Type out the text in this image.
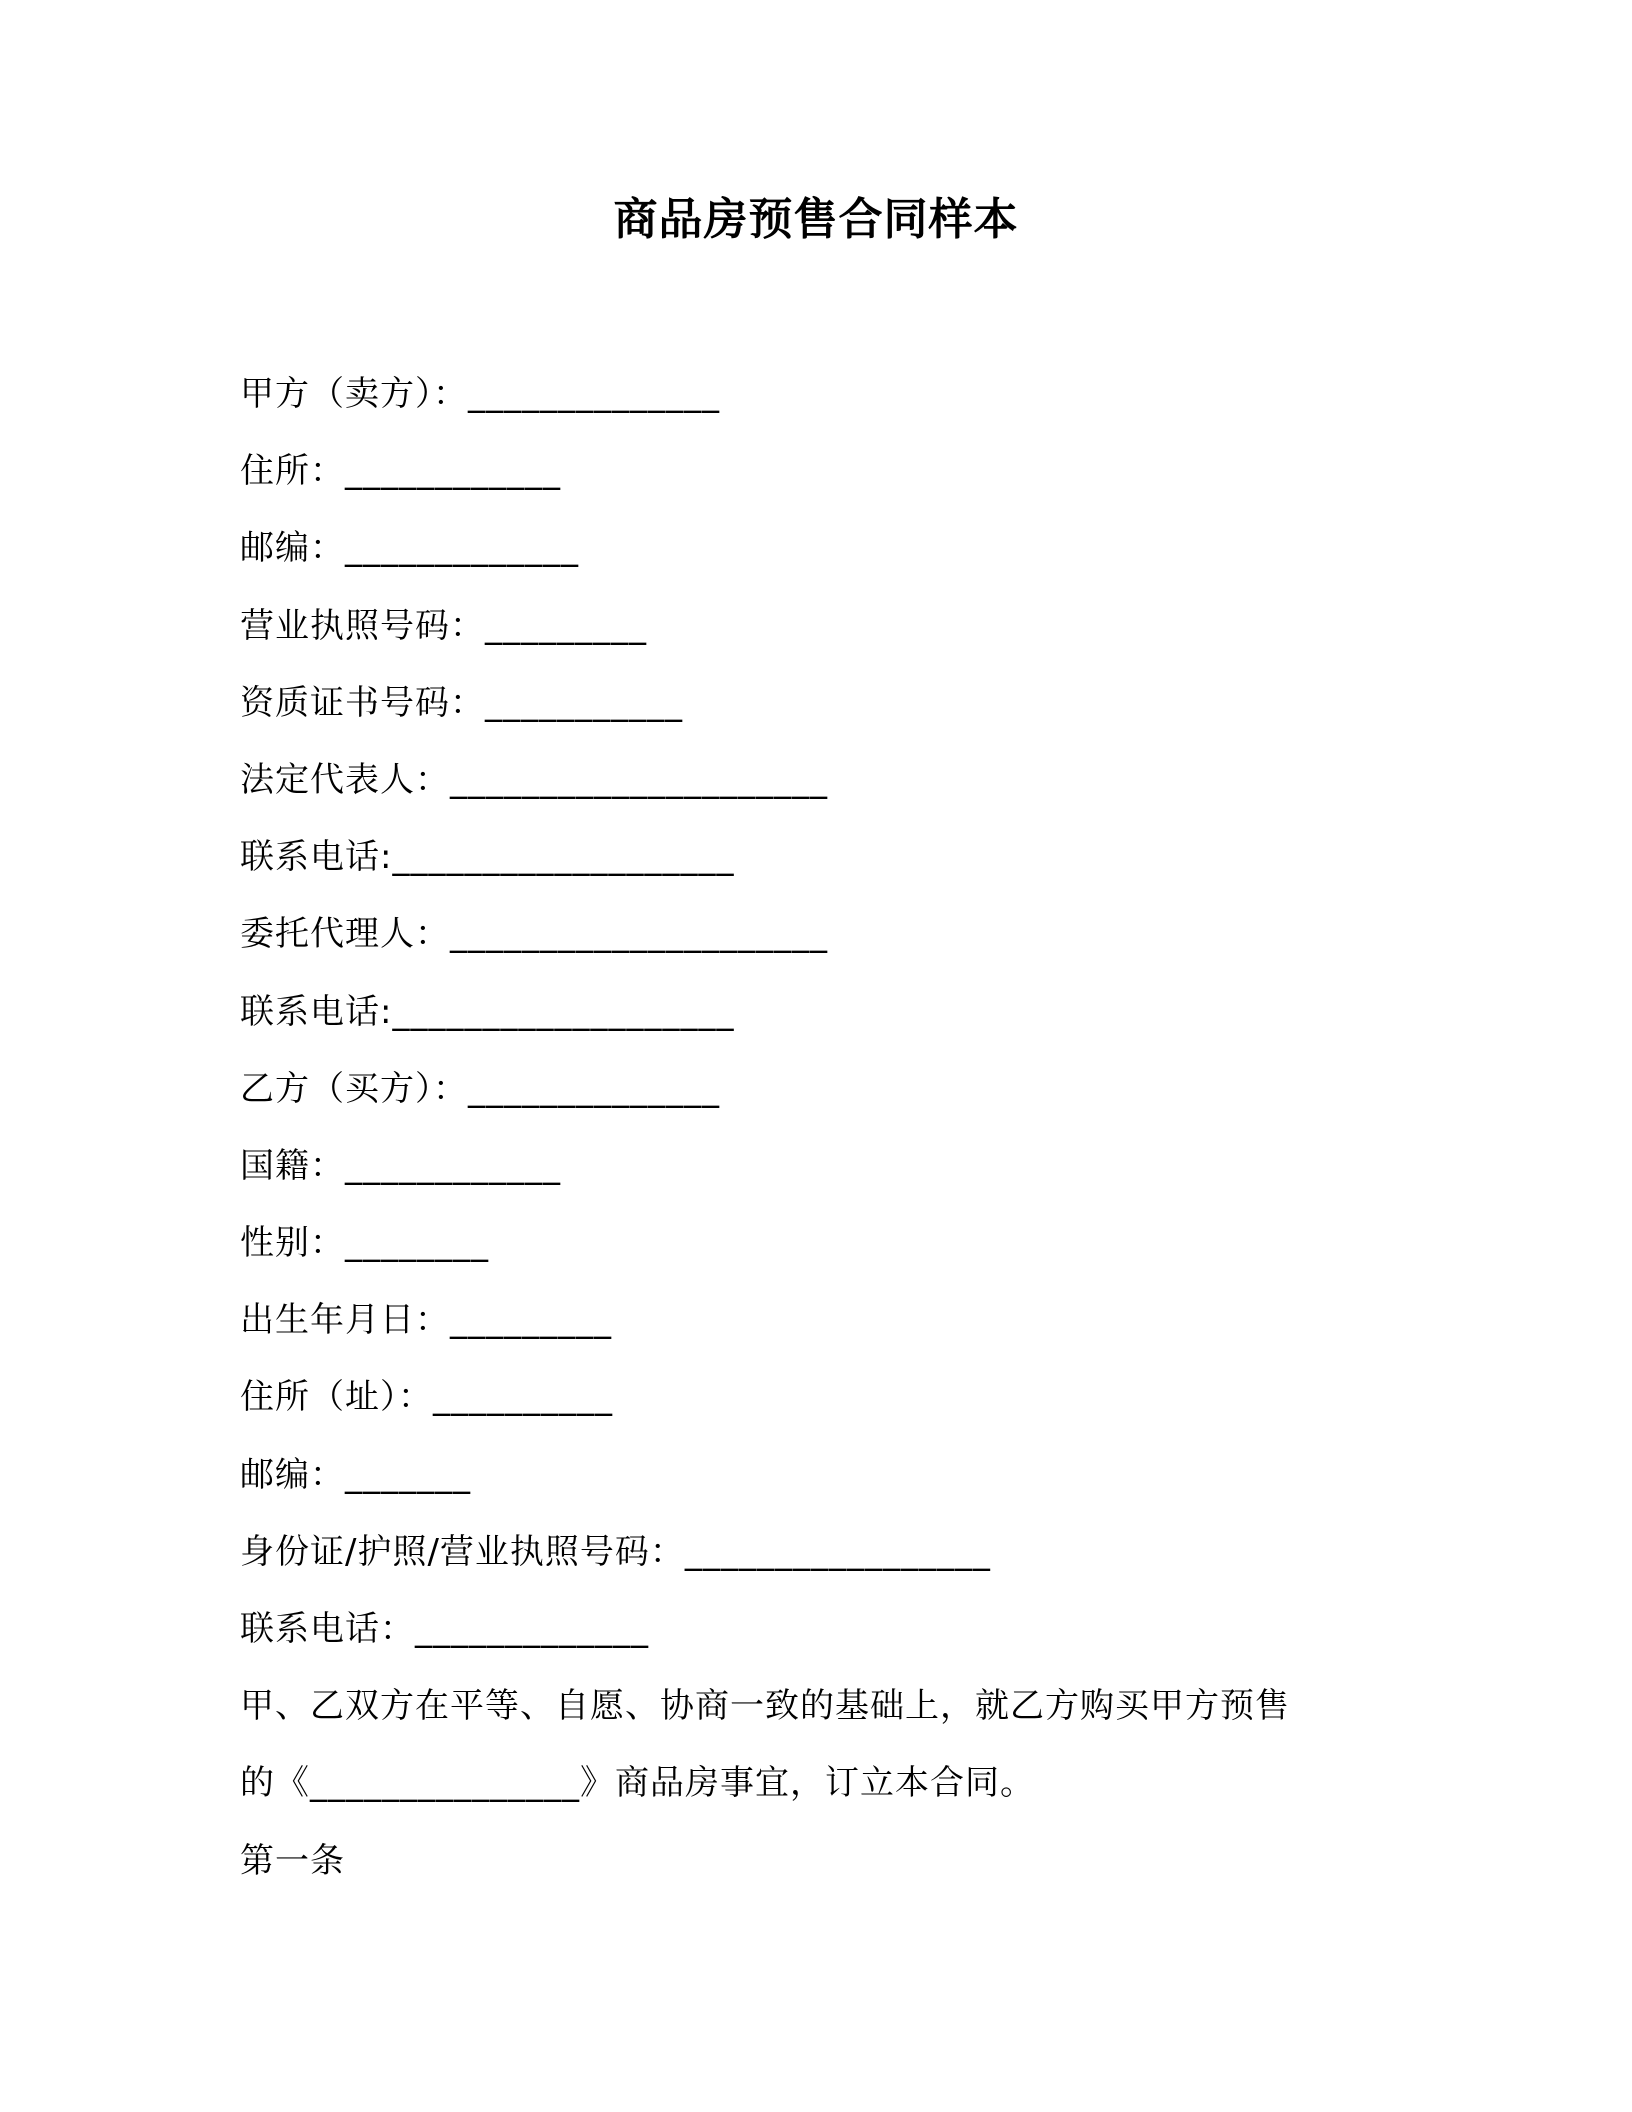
商品房预售合同样本
甲方（卖方）：______________
住所：____________
邮编：_____________
营业执照号码：_________
资质证书号码：___________
法定代表人：_____________________
联系电话:___________________
委托代理人：_____________________
联系电话:___________________
乙方（买方）：______________
国籍：____________
性别：________
出生年月日：_________
住所（址）：__________
邮编：_______
身份证/护照/营业执照号码：_________________
联系电话：_____________
甲、乙双方在平等、自愿、协商一致的基础上，就乙方购买甲方预售
的《_______________》商品房事宜，订立本合同。
第一条
